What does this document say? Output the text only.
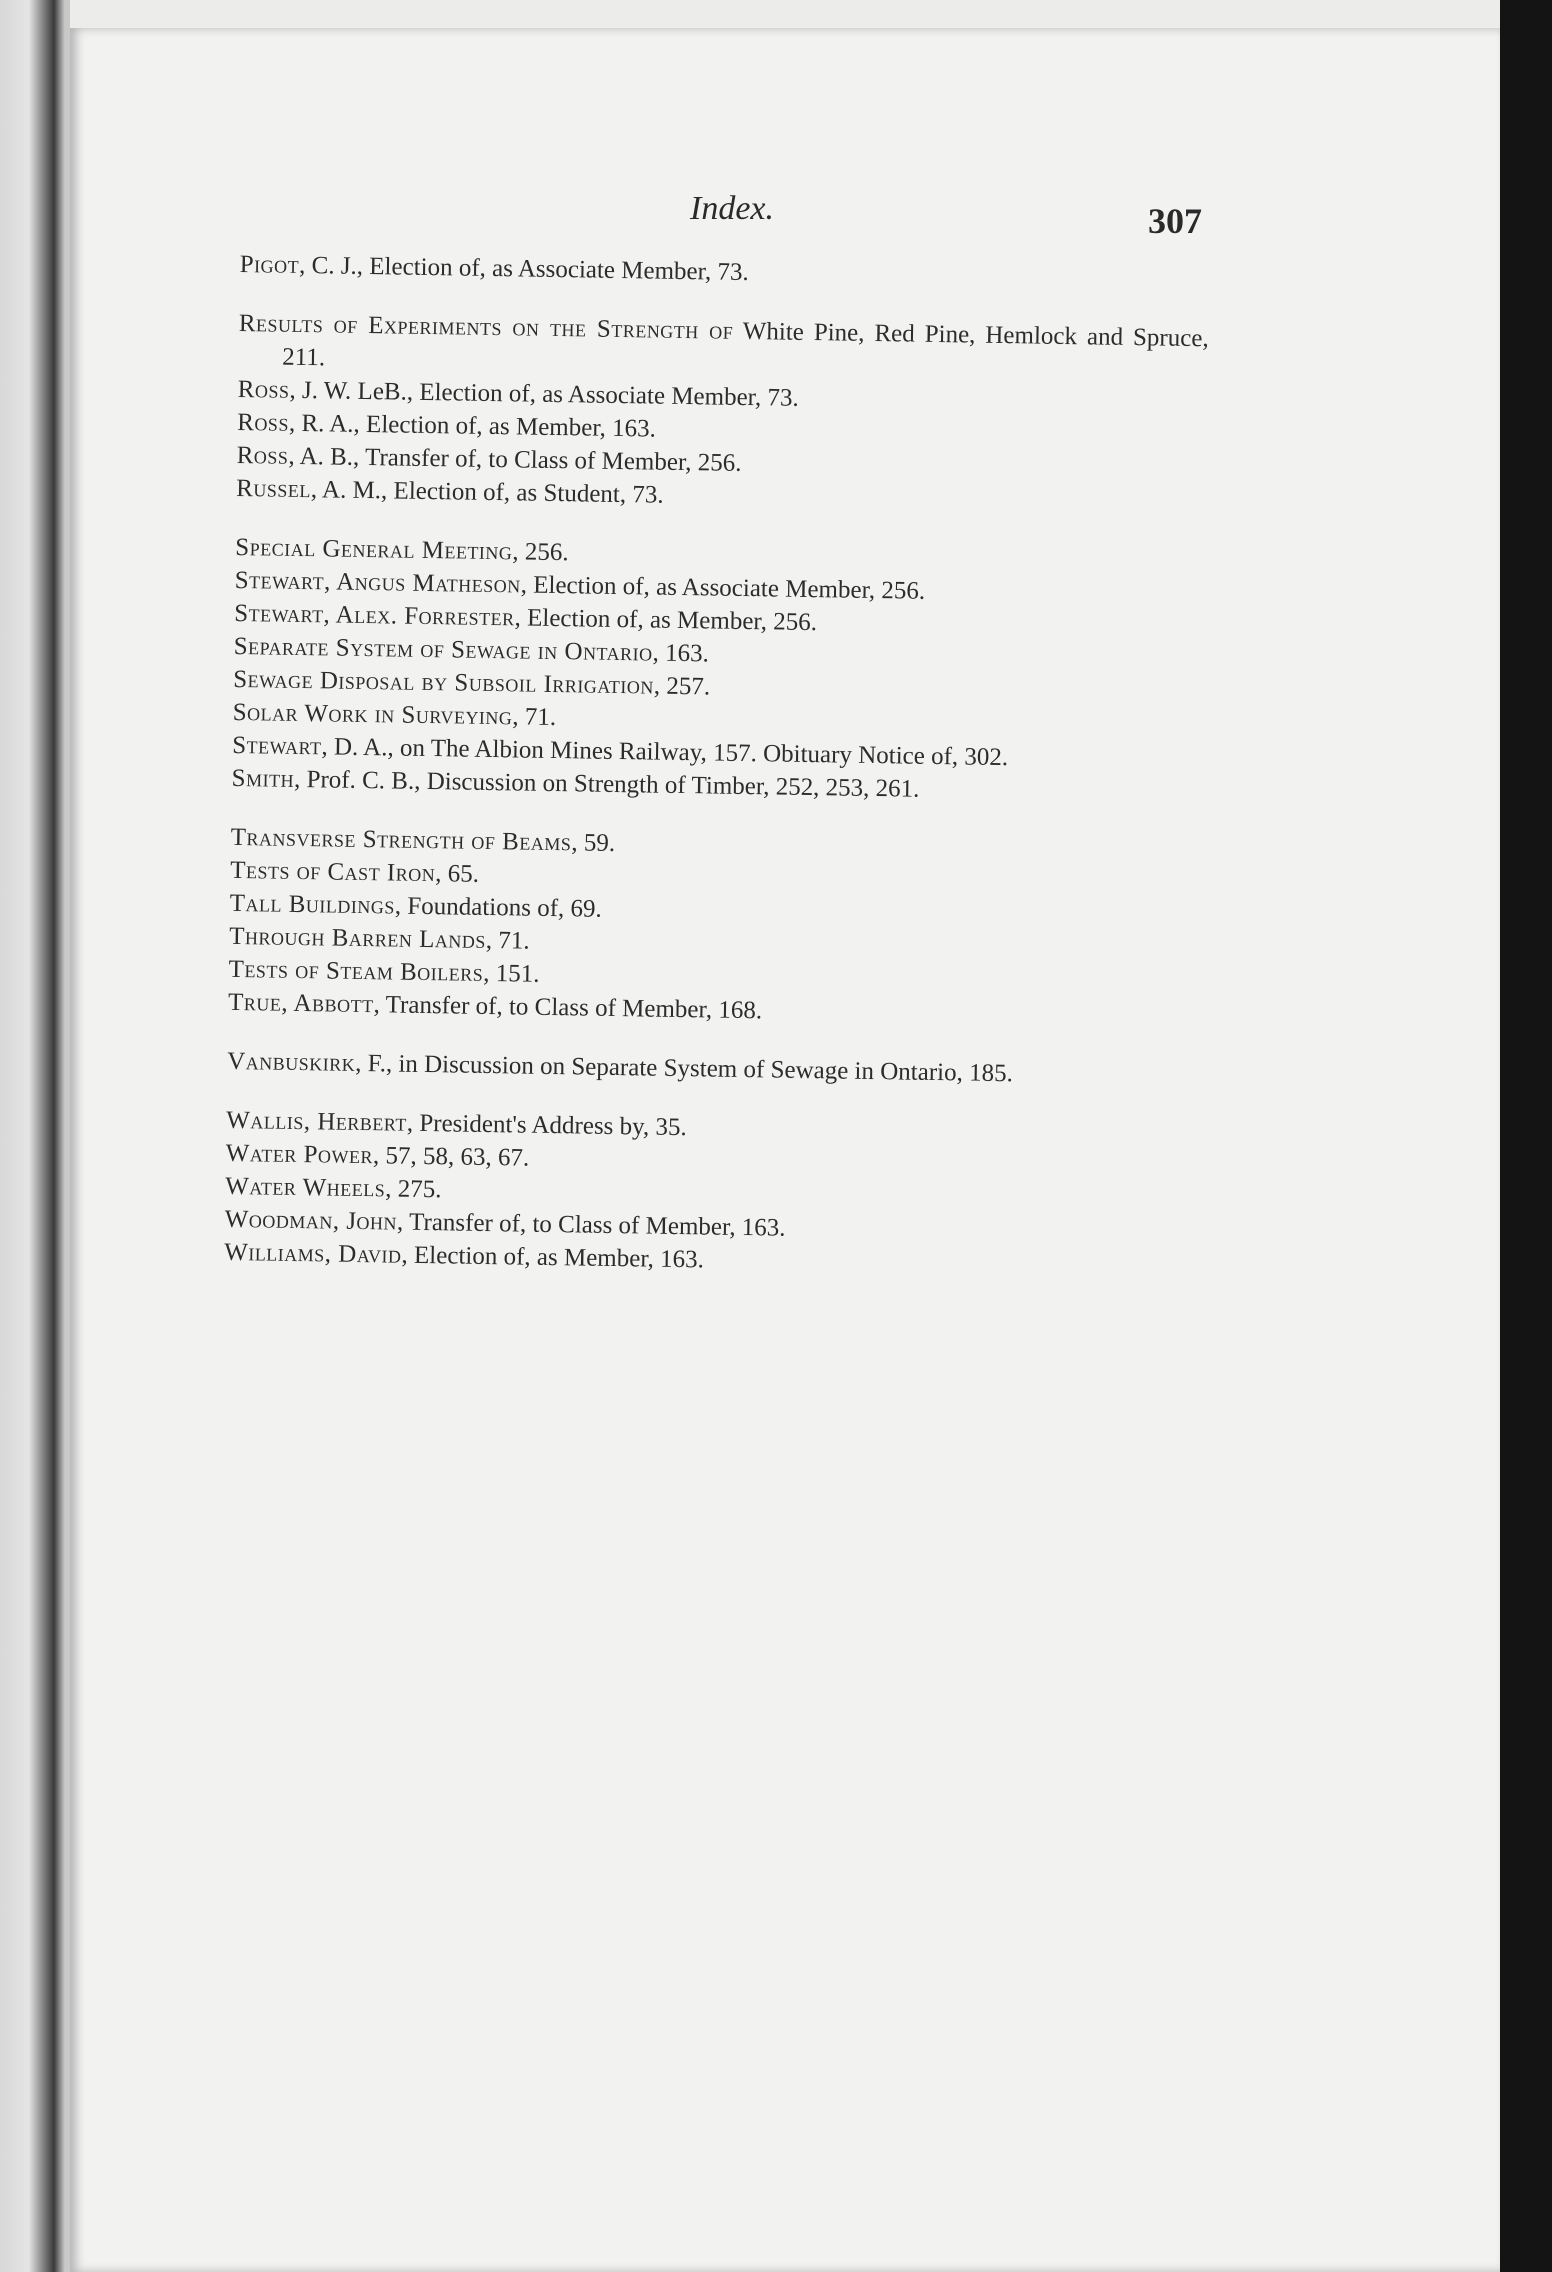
Index.	307
Pigot, C. J., Election of, as Associate Member, 73.
Results of Experiments on the Strength of White Pine, Red Pine, Hemlock and Spruce, 211.
Ross, J. W. LeB., Election of, as Associate Member, 73.
Ross, R. A., Election of, as Member, 163.
Ross, A. B., Transfer of, to Class of Member, 256.
Russel, A. M., Election of, as Student, 73.
Special General Meeting, 256.
Stewart, Angus Matheson, Election of, as Associate Member, 256.
Stewart, Alex. Forrester, Election of, as Member, 256.
Separate System of Sewage in Ontario, 163.
Sewage Disposal by Subsoil Irrigation, 257.
Solar Work in Surveying, 71.
Stewart, D. A., on The Albion Mines Railway, 157. Obituary Notice of, 302.
Smith, Prof. C. B., Discussion on Strength of Timber, 252, 253, 261.
Transverse Strength of Beams, 59.
Tests of Cast Iron, 65.
Tall Buildings, Foundations of, 69.
Through Barren Lands, 71.
Tests of Steam Boilers, 151.
True, Abbott, Transfer of, to Class of Member, 168.
Vanbuskirk, F., in Discussion on Separate System of Sewage in Ontario, 185.
Wallis, Herbert, President's Address by, 35.
Water Power, 57, 58, 63, 67.
Water Wheels, 275.
Woodman, John, Transfer of, to Class of Member, 163.
Williams, David, Election of, as Member, 163.
